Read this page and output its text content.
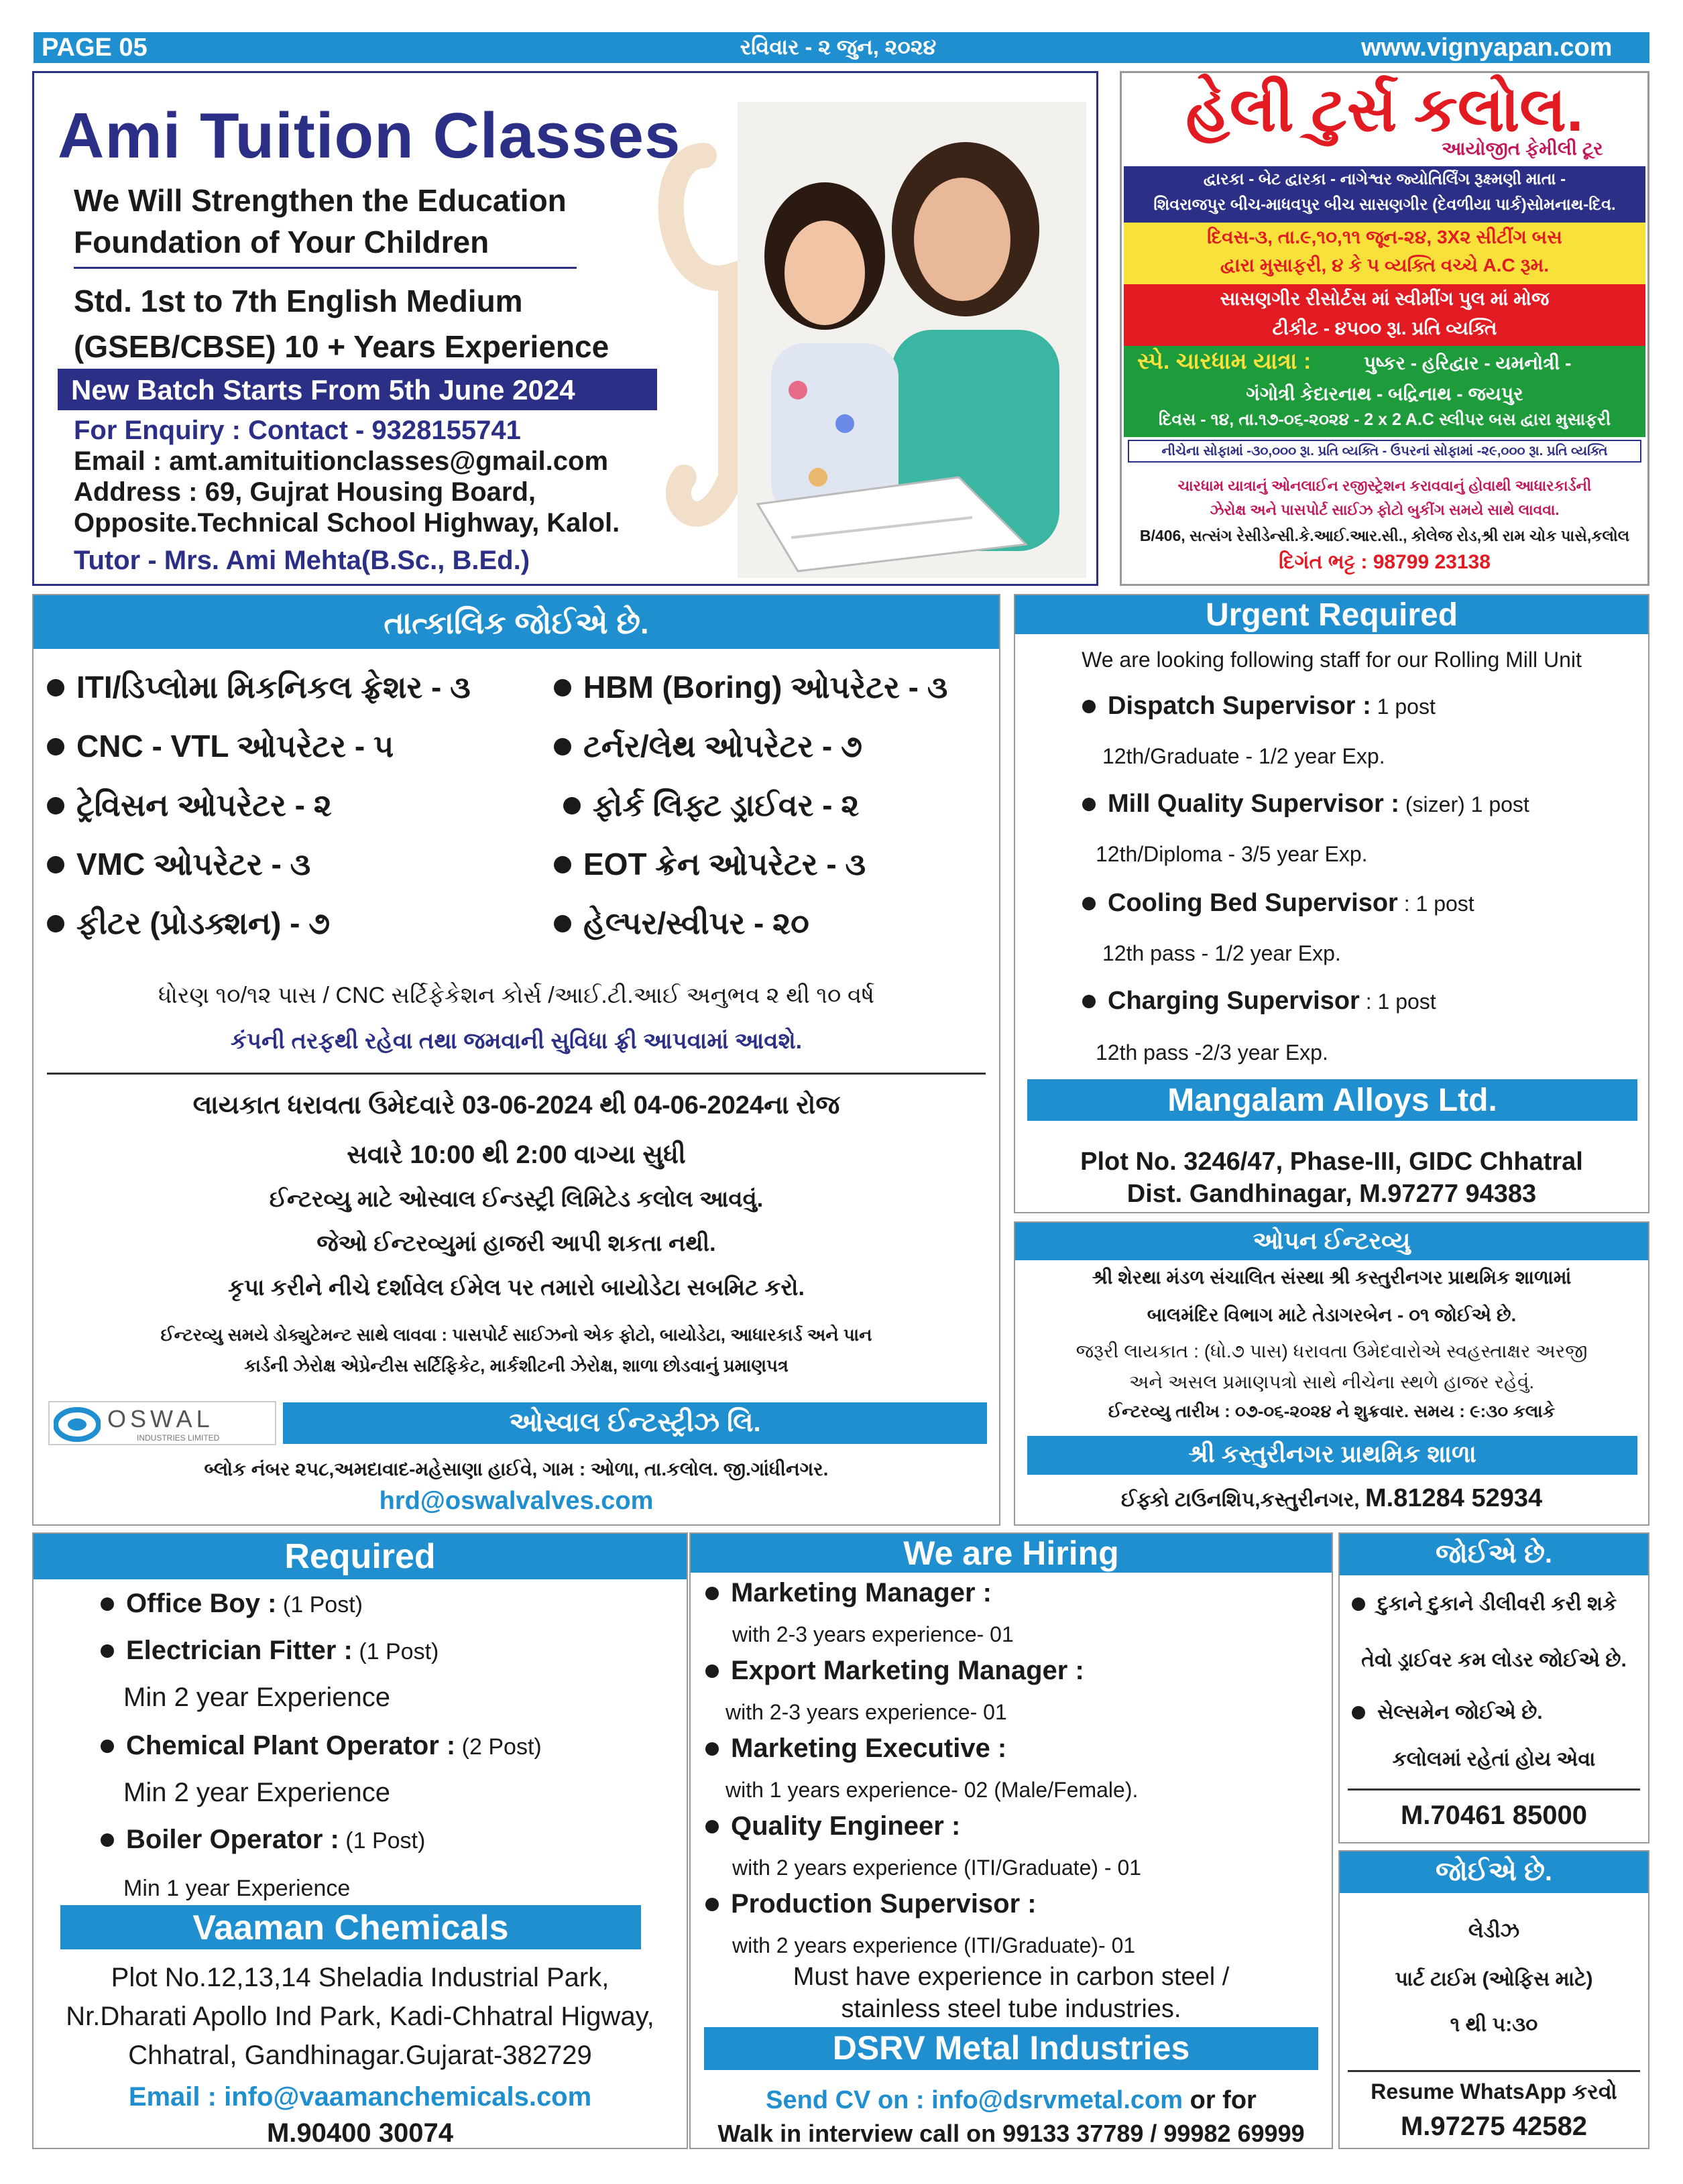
PAGE 05	રવિવાર - ૨ જુન, ૨૦૨૪	www.vignyapan.com
Ami Tuition Classes
We Will Strengthen the Education
Foundation of Your Children
Std. 1st to 7th English Medium
(GSEB/CBSE) 10 + Years Experience
New Batch Starts From 5th June 2024
For Enquiry : Contact - 9328155741
Email : amt.amituitionclasses@gmail.com
Address : 69, Gujrat Housing Board,
Opposite.Technical School Highway, Kalol.
Tutor - Mrs. Ami Mehta(B.Sc., B.Ed.)
હેલી ટુર્સ કલોલ.
આયોજીત ફેમીલી ટૂર
દ્વારકા - બેટ દ્વારકા - નાગેશ્વર જ્યોતિર્લિંગ રૂક્ષ્મણી માતા -
શિવરાજપુર બીચ-માધવપુર બીચ સાસણગીર (દેવળીયા પાર્ક)સોમનાથ-દિવ.
દિવસ-૩, તા.૯,૧૦,૧૧ જૂન-૨૪, 3X૨ સીટીંગ બસ
દ્વારા મુસાફરી, ૪ કે ૫ વ્યક્તિ વચ્ચે A.C રૂમ.
સાસણગીર રીસોર્ટસ માં સ્વીમીંગ પુલ માં મોજ
ટીકીટ - ૪૫૦૦ રૂા. પ્રતિ વ્યક્તિ
સ્પે. ચારધામ યાત્રા :	પુષ્કર - હરિદ્વાર - યમનોત્રી -
ગંગોત્રી કેદારનાથ - બદ્રિનાથ - જયપુર
દિવસ - ૧૪, તા.૧૭-૦૬-૨૦૨૪ - 2 x 2 A.C સ્લીપર બસ દ્વારા મુસાફરી
નીચેના સોફામાં -૩૦,૦૦૦ રૂા. પ્રતિ વ્યક્તિ - ઉપરનાં સોફામાં -૨૯,૦૦૦ રૂા. પ્રતિ વ્યક્તિ
ચારધામ યાત્રાનું ઓનલાઈન રજીસ્ટ્રેશન કરાવવાનું હોવાથી આધારકાર્ડની
ઝેરોક્ષ અને પાસપોર્ટ સાઈઝ ફોટો બુકીંગ સમયે સાથે લાવવા.
B/406, સત્સંગ રેસીડેન્સી.કે.આઈ.આર.સી., કોલેજ રોડ,શ્રી રામ ચોક પાસે,કલોલ
દિગંત ભટ્ટ : 98799 23138
તાત્કાલિક જોઈએ છે.
ITI/ડિપ્લોમા મિકનિકલ ફ્રેશર - ૩
CNC - VTL ઓપરેટર - ૫
ટ્રેવિસન ઓપરેટર - ૨
VMC ઓપરેટર - ૩
ફીટર (પ્રોડક્શન) - ૭
HBM (Boring) ઓપરેટર - ૩
ટર્નર/લેથ ઓપરેટર - ૭
ફોર્ક લિફ્ટ ડ્રાઈવર - ૨
EOT ક્રેન ઓપરેટર - ૩
હેલ્પર/સ્વીપર - ૨૦
ધોરણ ૧૦/૧૨ પાસ / CNC સર્ટિફેકેશન કોર્સ /આઈ.ટી.આઈ અનુભવ ૨ થી ૧૦ વર્ષ
કંપની તરફથી રહેવા તથા જમવાની સુવિધા ફ્રી આપવામાં આવશે.
લાયકાત ધરાવતા ઉમેદવારે 03-06-2024 થી 04-06-2024ના રોજ
સવારે 10:00 થી 2:00 વાગ્યા સુધી
ઈન્ટરવ્યુ માટે ઓસ્વાલ ઈન્ડસ્ટ્રી લિમિટેડ કલોલ આવવું.
જેઓ ઈન્ટરવ્યુમાં હાજરી આપી શકતા નથી.
કૃપા કરીને નીચે દર્શાવેલ ઈમેલ પર તમારો બાયોડેટા સબમિટ કરો.
ઈન્ટરવ્યુ સમયે ડોક્યુટેમન્ટ સાથે લાવવા : પાસપોર્ટ સાઈઝનો એક ફોટો, બાયોડેટા, આધારકાર્ડ અને પાન
કાર્ડની ઝેરોક્ષ એપ્રેન્ટીસ સર્ટિફિકેટ, માર્કશીટની ઝેરોક્ષ, શાળા છોડવાનું પ્રમાણપત્ર
OSWAL
INDUSTRIES LIMITED
ઓસ્વાલ ઈન્ટસ્ટ્રીઝ લિ.
બ્લોક નંબર ૨૫૮,અમદાવાદ-મહેસાણા હાઈવે, ગામ : ઓળા, તા.કલોલ. જી.ગાંધીનગર.
hrd@oswalvalves.com
Urgent Required
We are looking following staff for our Rolling Mill Unit
Dispatch Supervisor : 1 post
12th/Graduate - 1/2 year Exp.
Mill Quality Supervisor : (sizer) 1 post
12th/Diploma - 3/5 year Exp.
Cooling Bed Supervisor : 1 post
12th pass - 1/2 year Exp.
Charging Supervisor : 1 post
12th pass -2/3 year Exp.
Mangalam Alloys Ltd.
Plot No. 3246/47, Phase-III, GIDC Chhatral
Dist. Gandhinagar, M.97277 94383
ઓપન ઈન્ટરવ્યુ
શ્રી શેરથા મંડળ સંચાલિત સંસ્થા શ્રી કસ્તુરીનગર પ્રાથમિક શાળામાં
બાલમંદિર વિભાગ માટે તેડાગરબેન - ૦૧ જોઈએ છે.
જરૂરી લાયકાત : (ધો.૭ પાસ) ધરાવતા ઉમેદવારોએ સ્વહસ્તાક્ષર અરજી
અને અસલ પ્રમાણપત્રો સાથે નીચેના સ્થળે હાજર રહેવું.
ઈન્ટરવ્યુ તારીખ : ૦૭-૦૬-૨૦૨૪ ને શુક્રવાર. સમય : ૯:૩૦ કલાકે
શ્રી કસ્તુરીનગર પ્રાથમિક શાળા
ઈફ્કો ટાઉનશિપ,કસ્તુરીનગર, M.81284 52934
Required
Office Boy : (1 Post)
Electrician Fitter : (1 Post)
Min 2 year Experience
Chemical Plant Operator : (2 Post)
Min 2 year Experience
Boiler Operator : (1 Post)
Min 1 year Experience
Vaaman Chemicals
Plot No.12,13,14 Sheladia Industrial Park,
Nr.Dharati Apollo Ind Park, Kadi-Chhatral Higway,
Chhatral, Gandhinagar.Gujarat-382729
Email : info@vaamanchemicals.com
M.90400 30074
We are Hiring
Marketing Manager :
with 2-3 years experience- 01
Export Marketing Manager :
with 2-3 years experience- 01
Marketing Executive :
with 1 years experience- 02 (Male/Female).
Quality Engineer :
with 2 years experience (ITI/Graduate) - 01
Production Supervisor :
with 2 years experience (ITI/Graduate)- 01
Must have experience in carbon steel /
stainless steel tube industries.
DSRV Metal Industries
Send CV on : info@dsrvmetal.com or for
Walk in interview call on 99133 37789 / 99982 69999
જોઈએ છે.
દુકાને દુકાને ડીલીવરી કરી શકે
તેવો ડ્રાઈવર કમ લોડર જોઈએ છે.
સેલ્સમેન જોઈએ છે.
કલોલમાં રહેતાં હોય એવા
M.70461 85000
જોઈએ છે.
લેડીઝ
પાર્ટ ટાઈમ (ઓફિસ માટે)
૧ થી ૫:૩૦
Resume WhatsApp કરવો
M.97275 42582
